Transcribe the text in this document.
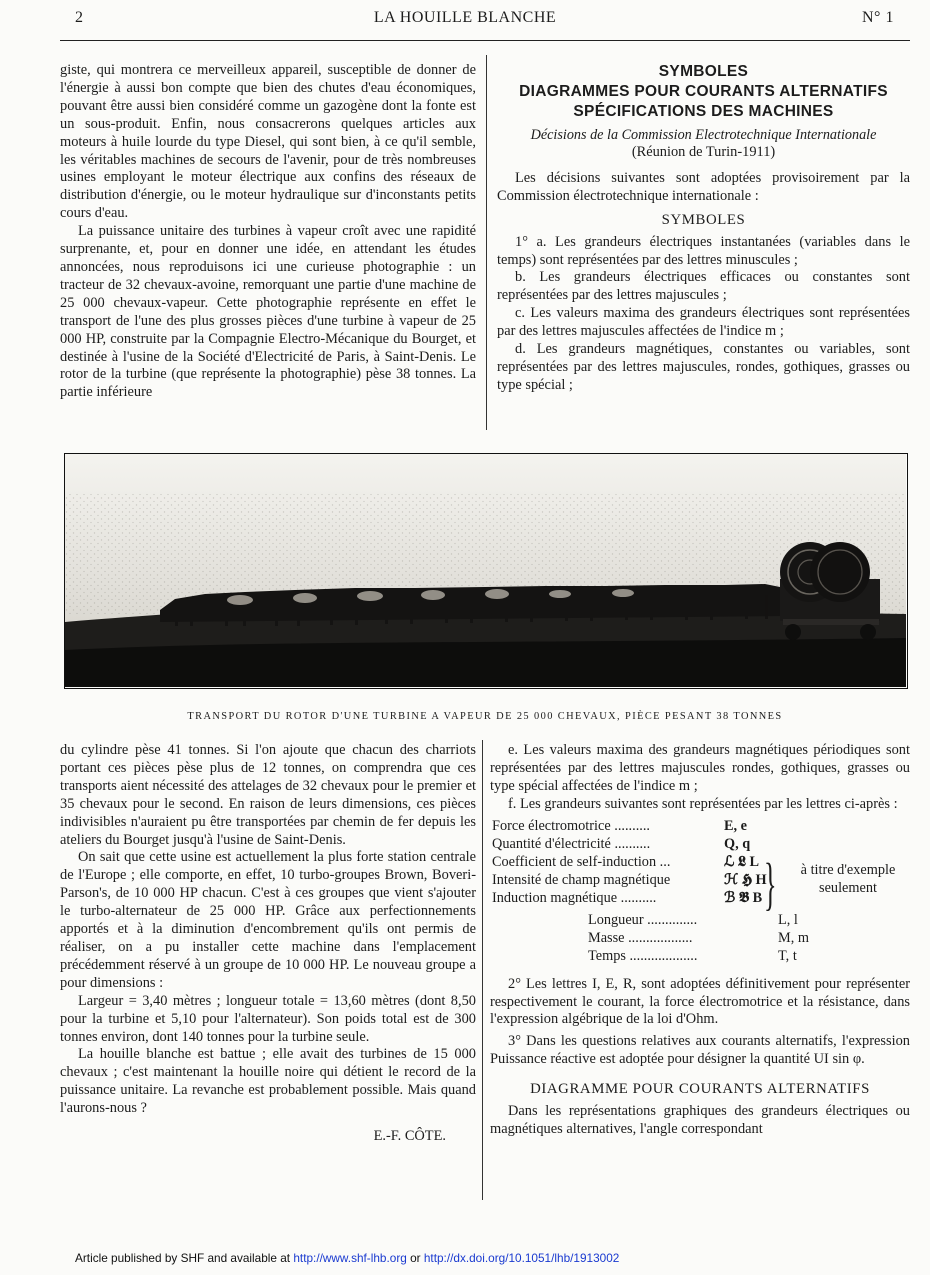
2	LA HOUILLE BLANCHE	N° 1

giste, qui montrera ce merveilleux appareil, susceptible de donner de l'énergie à aussi bon compte que bien des chutes d'eau économiques, pouvant être aussi bien considéré comme un gazogène dont la fonte est un sous-produit. Enfin, nous consacrerons quelques articles aux moteurs à huile lourde du type Diesel, qui sont bien, à ce qu'il semble, les véritables machines de secours de l'avenir, pour de très nombreuses usines employant le moteur électrique aux confins des réseaux de distribution d'énergie, ou le moteur hydraulique sur d'inconstants petits cours d'eau.

La puissance unitaire des turbines à vapeur croît avec une rapidité surprenante, et, pour en donner une idée, en attendant les études annoncées, nous reproduisons ici une curieuse photographie : un tracteur de 32 chevaux-avoine, remorquant une partie d'une machine de 25 000 chevaux-vapeur. Cette photographie représente en effet le transport de l'une des plus grosses pièces d'une turbine à vapeur de 25 000 HP, construite par la Compagnie Electro-Mécanique du Bourget, et destinée à l'usine de la Société d'Electricité de Paris, à Saint-Denis. Le rotor de la turbine (que représente la photographie) pèse 38 tonnes. La partie inférieure

SYMBOLES
DIAGRAMMES POUR COURANTS ALTERNATIFS
SPÉCIFICATIONS DES MACHINES
Décisions de la Commission Electrotechnique Internationale
(Réunion de Turin-1911)

Les décisions suivantes sont adoptées provisoirement par la Commission électrotechnique internationale :

SYMBOLES

1° a. Les grandeurs électriques instantanées (variables dans le temps) sont représentées par des lettres minuscules ;

b. Les grandeurs électriques efficaces ou constantes sont représentées par des lettres majuscules ;

c. Les valeurs maxima des grandeurs électriques sont représentées par des lettres majuscules affectées de l'indice m ;

d. Les grandeurs magnétiques, constantes ou variables, sont représentées par des lettres majuscules, rondes, gothiques, grasses ou type spécial ;

TRANSPORT DU ROTOR D'UNE TURBINE A VAPEUR DE 25 000 CHEVAUX, PIÈCE PESANT 38 TONNES

du cylindre pèse 41 tonnes. Si l'on ajoute que chacun des charriots portant ces pièces pèse plus de 12 tonnes, on comprendra que ces transports aient nécessité des attelages de 32 chevaux pour le premier et 35 chevaux pour le second. En raison de leurs dimensions, ces pièces indivisibles n'auraient pu être transportées par chemin de fer depuis les ateliers du Bourget jusqu'à l'usine de Saint-Denis.

On sait que cette usine est actuellement la plus forte station centrale de l'Europe ; elle comporte, en effet, 10 turbo-groupes Brown, Boveri-Parson's, de 10 000 HP chacun. C'est à ces groupes que vient s'ajouter le turbo-alternateur de 25 000 HP. Grâce aux perfectionnements apportés et à la diminution d'encombrement qu'ils ont permis de réaliser, on a pu installer cette machine dans l'emplacement précédemment réservé à un groupe de 10 000 HP. Le nouveau groupe a pour dimensions :

Largeur = 3,40 mètres ; longueur totale = 13,60 mètres (dont 8,50 pour la turbine et 5,10 pour l'alternateur). Son poids total est de 300 tonnes environ, dont 140 tonnes pour la turbine seule.

La houille blanche est battue ; elle avait des turbines de 15 000 chevaux ; c'est maintenant la houille noire qui détient le record de la puissance unitaire. La revanche est probablement possible. Mais quand l'aurons-nous ?

E.-F. CÔTE.

e. Les valeurs maxima des grandeurs magnétiques périodiques sont représentées par des lettres majuscules rondes, gothiques, grasses ou type spécial affectées de l'indice m ;

f. Les grandeurs suivantes sont représentées par les lettres ci-après :

Force électromotrice ..........	E, e
Quantité d'électricité ..........	Q, q
Coefficient de self-induction ...	ℒ 𝕷 L
Intensité de champ magnétique	ℋ 𝕳 H
Induction magnétique ..........	ℬ 𝕭 B }	à titre d'exemple seulement
Longueur ..............	L, l
Masse ..................	M, m
Temps ...................	T, t

2° Les lettres I, E, R, sont adoptées définitivement pour représenter respectivement le courant, la force électromotrice et la résistance, dans l'expression algébrique de la loi d'Ohm.

3° Dans les questions relatives aux courants alternatifs, l'expression Puissance réactive est adoptée pour désigner la quantité UI sin φ.

DIAGRAMME POUR COURANTS ALTERNATIFS

Dans les représentations graphiques des grandeurs électriques ou magnétiques alternatives, l'angle correspondant

Article published by SHF and available at http://www.shf-lhb.org or http://dx.doi.org/10.1051/lhb/1913002
